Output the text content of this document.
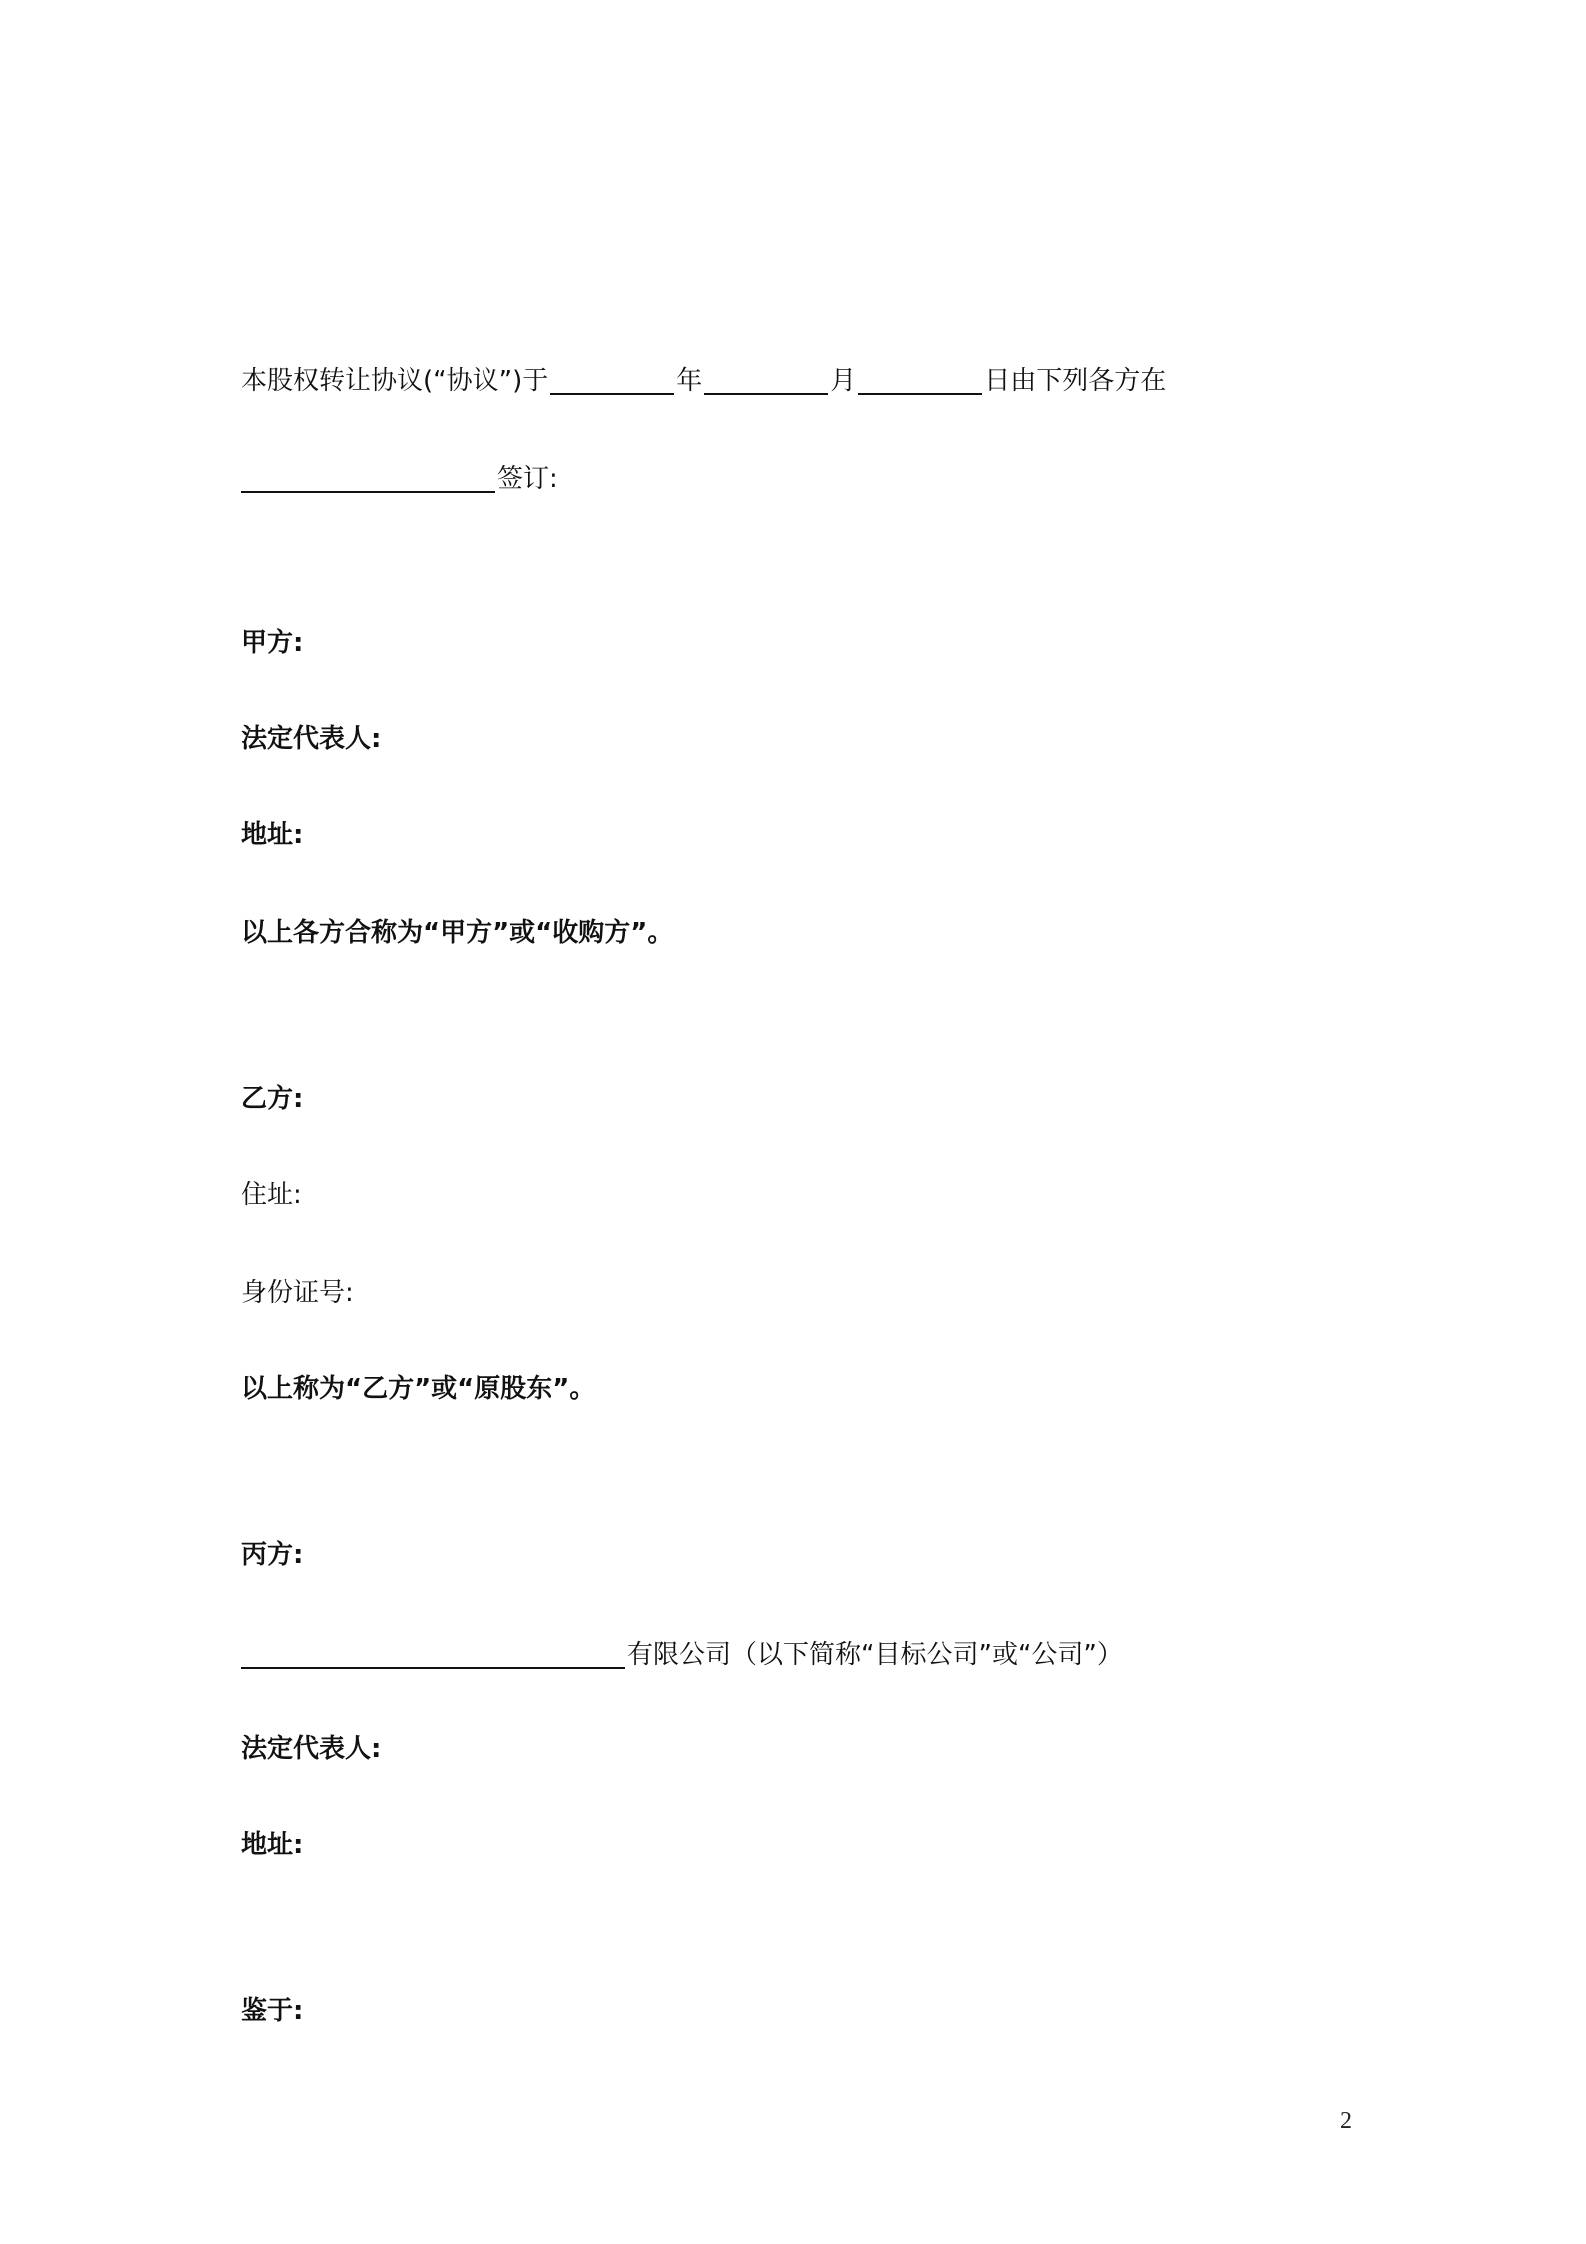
本股权转让协议(“协议”)于	年	月	日由下列各方在
签订:
甲方:
法定代表人:
地址:
以上各方合称为“甲方”或“收购方”。
乙方:
住址:
身份证号:
以上称为“乙方”或“原股东”。
丙方:
有限公司（以下简称“目标公司”或“公司”）
法定代表人:
地址:
鉴于:
2
